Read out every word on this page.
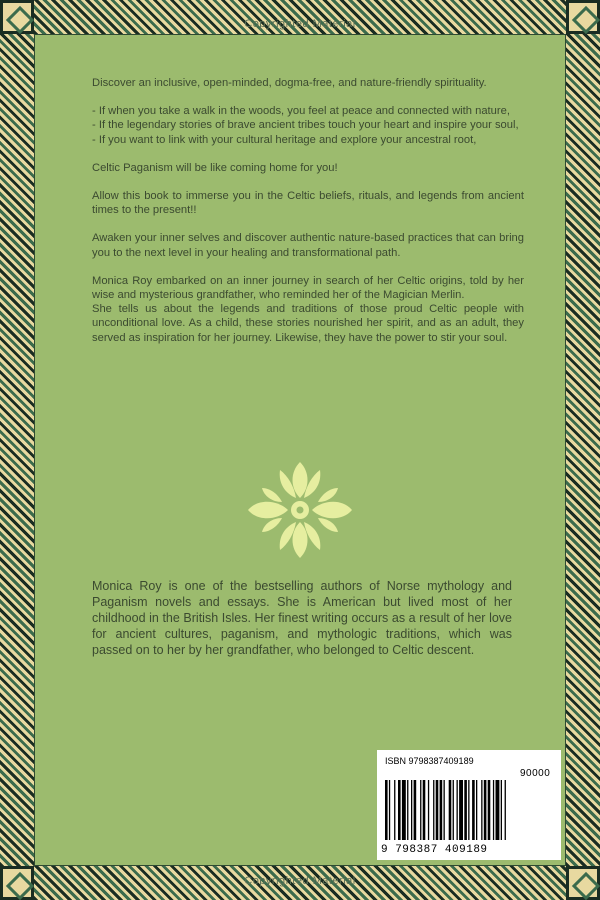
Copyrighted Material
Copyrighted Material

Discover an inclusive, open-minded, dogma-free, and nature-friendly spirituality.

- If when you take a walk in the woods, you feel at peace and connected with nature,

- If the legendary stories of brave ancient tribes touch your heart and inspire your soul,

- If you want to link with your cultural heritage and explore your ancestral root,

Celtic Paganism will be like coming home for you!

Allow this book to immerse you in the Celtic beliefs, rituals, and legends from ancient times to the present!!

Awaken your inner selves and discover authentic nature-based practices that can bring you to the next level in your healing and transformational path.

Monica Roy embarked on an inner journey in search of her Celtic origins, told by her wise and mysterious grandfather, who reminded her of the Magician Merlin.

She tells us about the legends and traditions of those proud Celtic people with unconditional love. As a child, these stories nourished her spirit, and as an adult, they served as inspiration for her journey. Likewise, they have the power to stir your soul.

Monica Roy is one of the bestselling authors of Norse mythology and Paganism novels and essays. She is American but lived most of her childhood in the British Isles. Her finest writing occurs as a result of her love for ancient cultures, paganism, and mythologic traditions, which was passed on to her by her grandfather, who belonged to Celtic descent.
ISBN 9798387409189
90000
9 798387 409189
